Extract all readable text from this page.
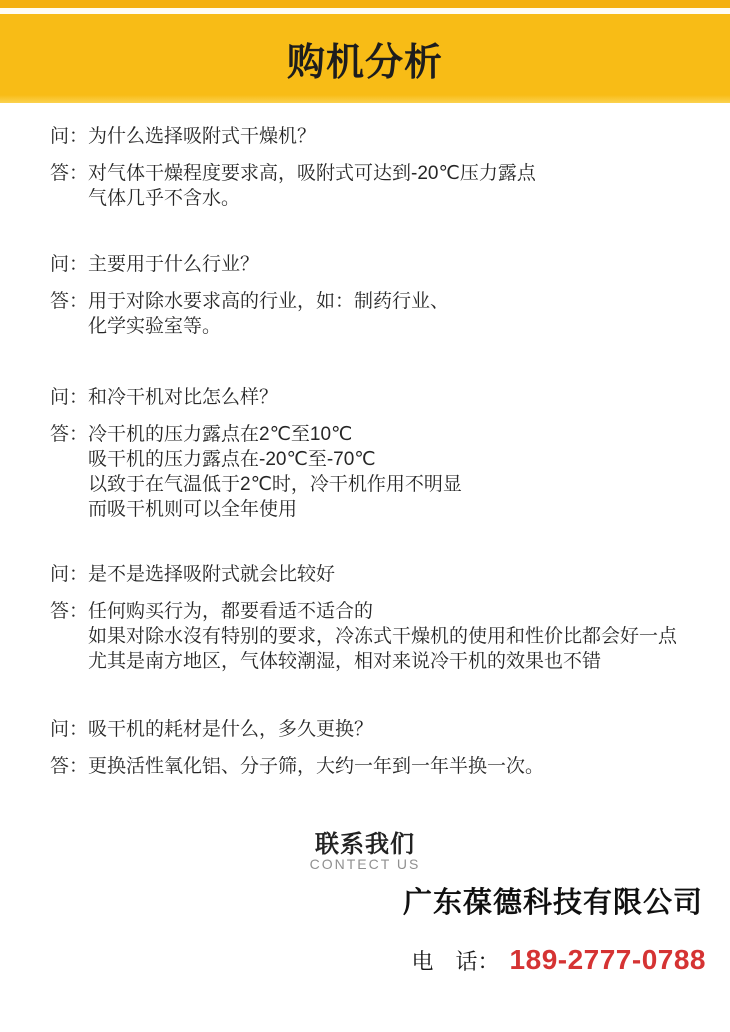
购机分析
问： 为什么选择吸附式干燥机？
答： 对气体干燥程度要求高，吸附式可达到-20℃压力露点
气体几乎不含水。
问： 主要用于什么行业？
答： 用于对除水要求高的行业，如：制药行业、
化学实验室等。
问： 和冷干机对比怎么样？
答： 冷干机的压力露点在2℃至10℃
吸干机的压力露点在-20℃至-70℃
以致于在气温低于2℃时，冷干机作用不明显
而吸干机则可以全年使用
问： 是不是选择吸附式就会比较好
答： 任何购买行为，都要看适不适合的
如果对除水沒有特别的要求，冷冻式干燥机的使用和性价比都会好一点
尤其是南方地区，气体较潮湿，相对来说冷干机的效果也不错
问： 吸干机的耗材是什么，多久更换？
答： 更换活性氧化铝、分子筛，大约一年到一年半换一次。
联系我们
CONTECT US
广东葆德科技有限公司
电　话： 189-2777-0788
